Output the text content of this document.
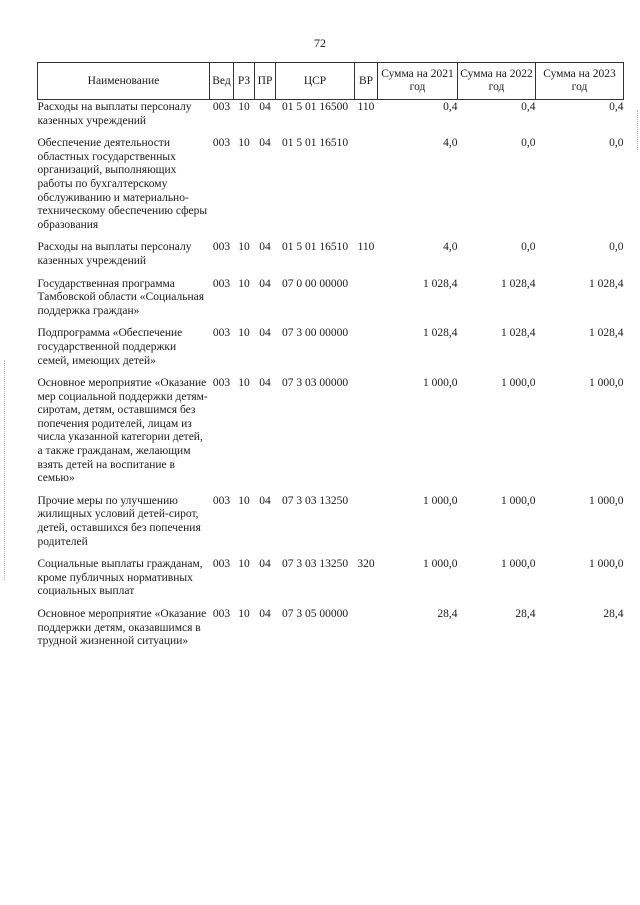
72
Наименование	Вед	РЗ	ПР	ЦСР	ВР	Сумма на 2021 год	Сумма на 2022 год	Сумма на 2023 год
Расходы на выплаты персоналу казенных учреждений	003	10	04	01 5 01 16500	110	0,4	0,4	0,4
Обеспечение деятельности областных государственных организаций, выполняющих работы по бухгалтерскому обслуживанию и материально-техническому обеспечению сферы образования	003	10	04	01 5 01 16510		4,0	0,0	0,0
Расходы на выплаты персоналу казенных учреждений	003	10	04	01 5 01 16510	110	4,0	0,0	0,0
Государственная программа Тамбовской области «Социальная поддержка граждан»	003	10	04	07 0 00 00000		1 028,4	1 028,4	1 028,4
Подпрограмма «Обеспечение государственной поддержки семей, имеющих детей»	003	10	04	07 3 00 00000		1 028,4	1 028,4	1 028,4
Основное мероприятие «Оказание мер социальной поддержки детям-сиротам, детям, оставшимся без попечения родителей, лицам из числа указанной категории детей, а также гражданам, желающим взять детей на воспитание в семью»	003	10	04	07 3 03 00000		1 000,0	1 000,0	1 000,0
Прочие меры по улучшению жилищных условий детей-сирот, детей, оставшихся без попечения родителей	003	10	04	07 3 03 13250		1 000,0	1 000,0	1 000,0
Социальные выплаты гражданам, кроме публичных нормативных социальных выплат	003	10	04	07 3 03 13250	320	1 000,0	1 000,0	1 000,0
Основное мероприятие «Оказание поддержки детям, оказавшимся в трудной жизненной ситуации»	003	10	04	07 3 05 00000		28,4	28,4	28,4
